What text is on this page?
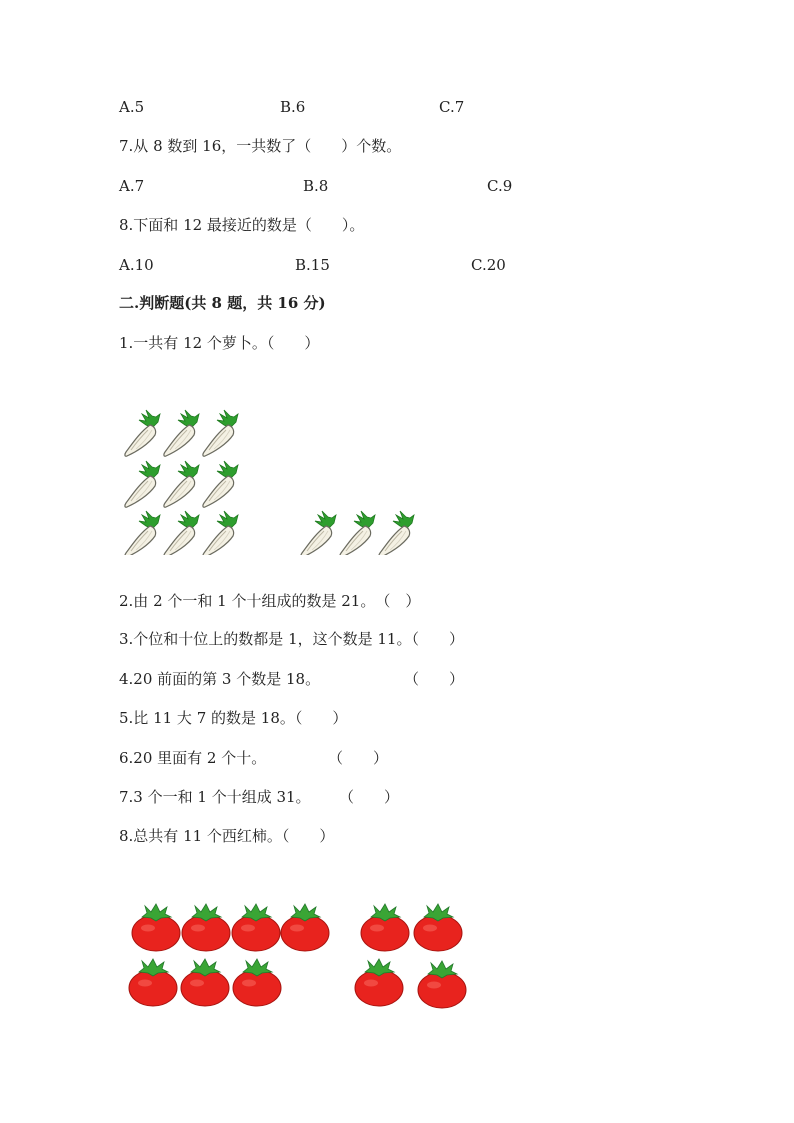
A.5	B.6	C.7
7.从 8 数到 16，一共数了（　　）个数。
A.7	B.8	C.9
8.下面和 12 最接近的数是（　　）。
A.10	B.15	C.20
二.判断题(共 8 题，共 16 分)
1.一共有 12 个萝卜。（　　）
2.由 2 个一和 1 个十组成的数是 21。　（　）
3.个位和十位上的数都是 1，这个数是 11。（　　）
4.20 前面的第 3 个数是 18。	（　　）
5.比 11 大 7 的数是 18。（　　）
6.20 里面有 2 个十。	（　　）
7.3 个一和 1 个十组成 31。 （　　）
8.总共有 11 个西红柿。（　　）
